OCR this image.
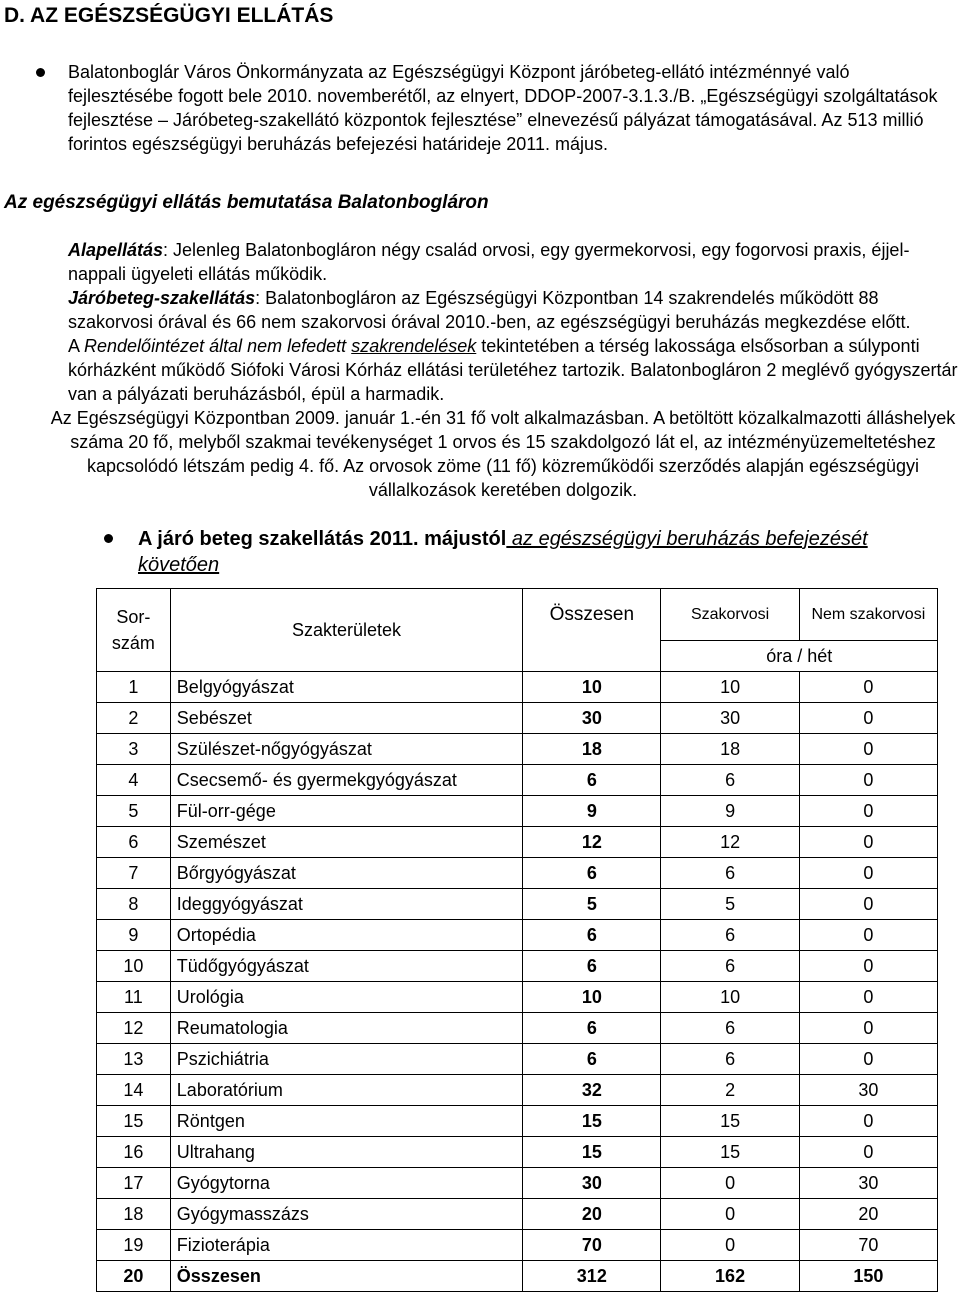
D. AZ EGÉSZSÉGÜGYI ELLÁTÁS
Balatonboglár Város Önkormányzata az Egészségügyi Központ járóbeteg-ellátó intézménnyé való fejlesztésébe fogott bele 2010. novemberétől, az elnyert, DDOP-2007-3.1.3./B. „Egészségügyi szolgáltatások fejlesztése – Járóbeteg-szakellátó központok fejlesztése” elnevezésű pályázat támogatásával. Az 513 millió forintos egészségügyi beruházás befejezési határideje 2011. május.
Az egészségügyi ellátás bemutatása Balatonbogláron

Alapellátás: Jelenleg Balatonbogláron négy család orvosi, egy gyermekorvosi, egy fogorvosi praxis, éjjel-nappali ügyeleti ellátás működik.

Járóbeteg-szakellátás: Balatonbogláron az Egészségügyi Központban 14 szakrendelés működött 88 szakorvosi órával és 66 nem szakorvosi órával 2010.-ben, az egészségügyi beruházás megkezdése előtt.

A Rendelőintézet által nem lefedett szakrendelések tekintetében a térség lakossága elsősorban a súlyponti kórházként működő Siófoki Városi Kórház ellátási területéhez tartozik. Balatonbogláron 2 meglévő gyógyszertár van a pályázati beruházásból, épül a harmadik.

Az Egészségügyi Központban 2009. január 1.-én 31 fő volt alkalmazásban. A betöltött közalkalmazotti álláshelyek száma 20 fő, melyből szakmai tevékenységet 1 orvos és 15 szakdolgozó lát el, az intézményüzemeltetéshez kapcsolódó létszám pedig 4. fő. Az orvosok zöme (11 fő) közreműködői szerződés alapján egészségügyi vállalkozások keretében dolgozik.

A járó beteg szakellátás 2011. májustól az egészségügyi beruházás befejezését követően
Sor-
szám	Szakterületek	Összesen	Szakorvosi	Nem szakorvosi
			óra / hét	
1	Belgyógyászat	10	10	0
2	Sebészet	30	30	0
3	Szülészet-nőgyógyászat	18	18	0
4	Csecsemő- és gyermekgyógyászat	6	6	0
5	Fül-orr-gége	9	9	0
6	Szemészet	12	12	0
7	Bőrgyógyászat	6	6	0
8	Ideggyógyászat	5	5	0
9	Ortopédia	6	6	0
10	Tüdőgyógyászat	6	6	0
11	Urológia	10	10	0
12	Reumatologia	6	6	0
13	Pszichiátria	6	6	0
14	Laboratórium	32	2	30
15	Röntgen	15	15	0
16	Ultrahang	15	15	0
17	Gyógytorna	30	0	30
18	Gyógymasszázs	20	0	20
19	Fizioterápia	70	0	70
20	Összesen	312	162	150
